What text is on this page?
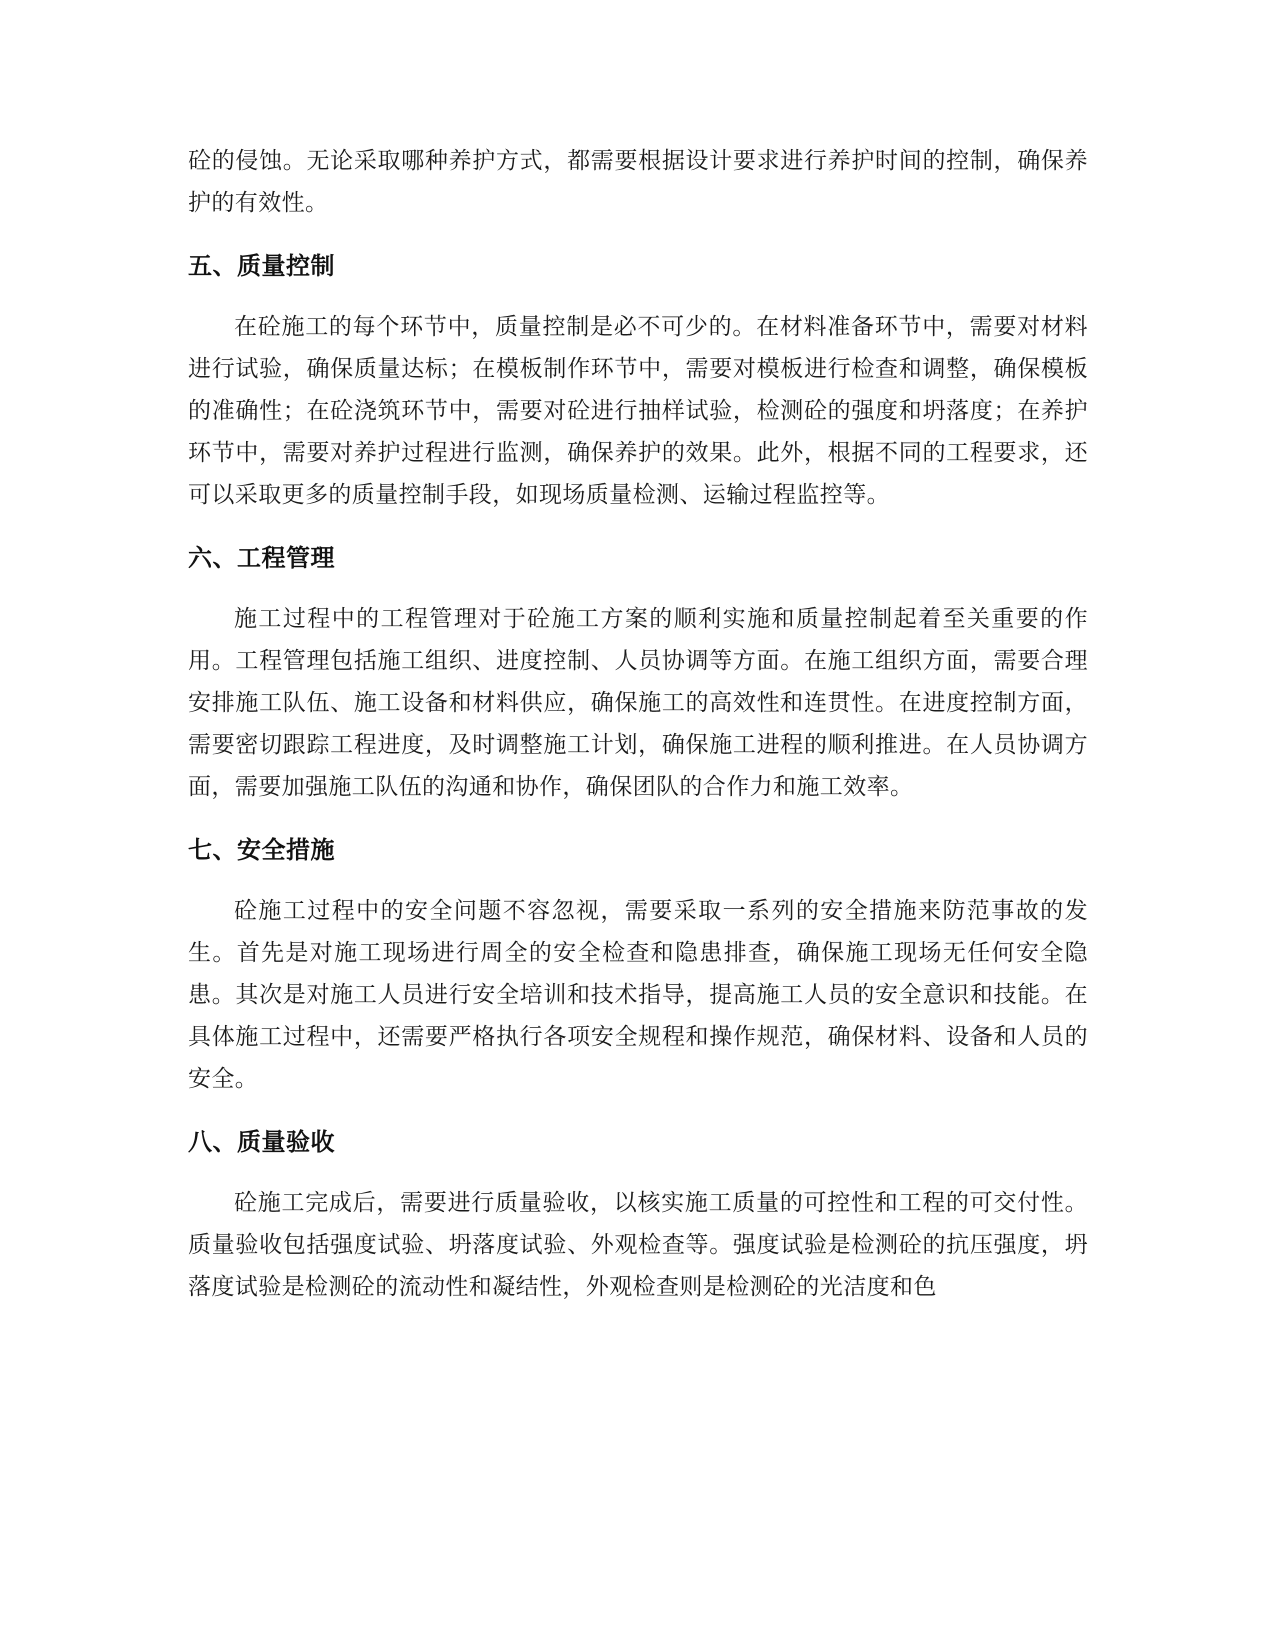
砼的侵蚀。无论采取哪种养护方式，都需要根据设计要求进行养护时间的控制，确保养护的有效性。

五、质量控制

在砼施工的每个环节中，质量控制是必不可少的。在材料准备环节中，需要对材料进行试验，确保质量达标；在模板制作环节中，需要对模板进行检查和调整，确保模板的准确性；在砼浇筑环节中，需要对砼进行抽样试验，检测砼的强度和坍落度；在养护环节中，需要对养护过程进行监测，确保养护的效果。此外，根据不同的工程要求，还可以采取更多的质量控制手段，如现场质量检测、运输过程监控等。

六、工程管理

施工过程中的工程管理对于砼施工方案的顺利实施和质量控制起着至关重要的作用。工程管理包括施工组织、进度控制、人员协调等方面。在施工组织方面，需要合理安排施工队伍、施工设备和材料供应，确保施工的高效性和连贯性。在进度控制方面，需要密切跟踪工程进度，及时调整施工计划，确保施工进程的顺利推进。在人员协调方面，需要加强施工队伍的沟通和协作，确保团队的合作力和施工效率。

七、安全措施

砼施工过程中的安全问题不容忽视，需要采取一系列的安全措施来防范事故的发生。首先是对施工现场进行周全的安全检查和隐患排查，确保施工现场无任何安全隐患。其次是对施工人员进行安全培训和技术指导，提高施工人员的安全意识和技能。在具体施工过程中，还需要严格执行各项安全规程和操作规范，确保材料、设备和人员的安全。

八、质量验收

砼施工完成后，需要进行质量验收，以核实施工质量的可控性和工程的可交付性。质量验收包括强度试验、坍落度试验、外观检查等。强度试验是检测砼的抗压强度，坍落度试验是检测砼的流动性和凝结性，外观检查则是检测砼的光洁度和色
